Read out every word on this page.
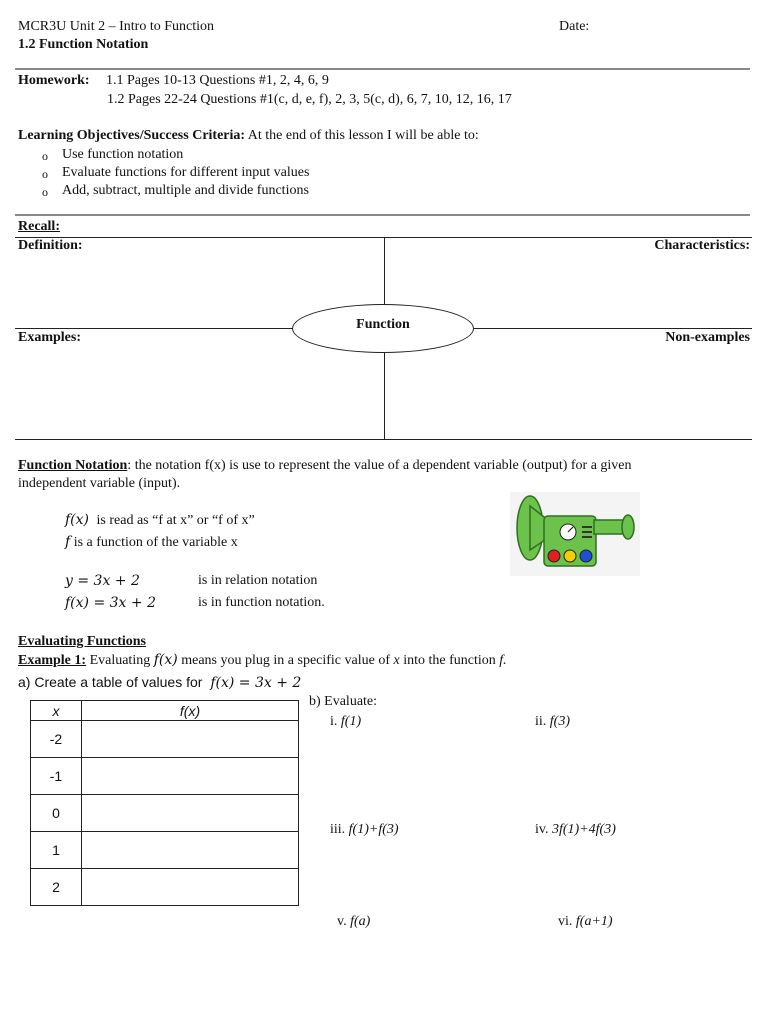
MCR3U Unit 2 – Intro to Function
1.2 Function Notation
Date:
Homework: 1.1 Pages 10-13 Questions #1, 2, 4, 6, 9
1.2 Pages 22-24 Questions #1(c, d, e, f), 2, 3, 5(c, d), 6, 7, 10, 12, 16, 17
Learning Objectives/Success Criteria: At the end of this lesson I will be able to:
o Use function notation
o Evaluate functions for different input values
o Add, subtract, multiple and divide functions
Recall:
Definition:	Characteristics:
Function
Examples:	Non-examples
Function Notation: the notation f(x) is use to represent the value of a dependent variable (output) for a given
independent variable (input).
f(x) is read as “f at x” or “f of x”
f is a function of the variable x
y = 3x + 2	is in relation notation
f(x) = 3x + 2	is in function notation.
Evaluating Functions
Example 1: Evaluating f(x) means you plug in a specific value of x into the function f.
a) Create a table of values for f(x) = 3x + 2
b) Evaluate:
x	f(x)
-2	
-1	
0	
1	
2	
i. f(1)	ii. f(3)
iii. f(1)+f(3)	iv. 3f(1)+4f(3)
v. f(a)	vi. f(a+1)
